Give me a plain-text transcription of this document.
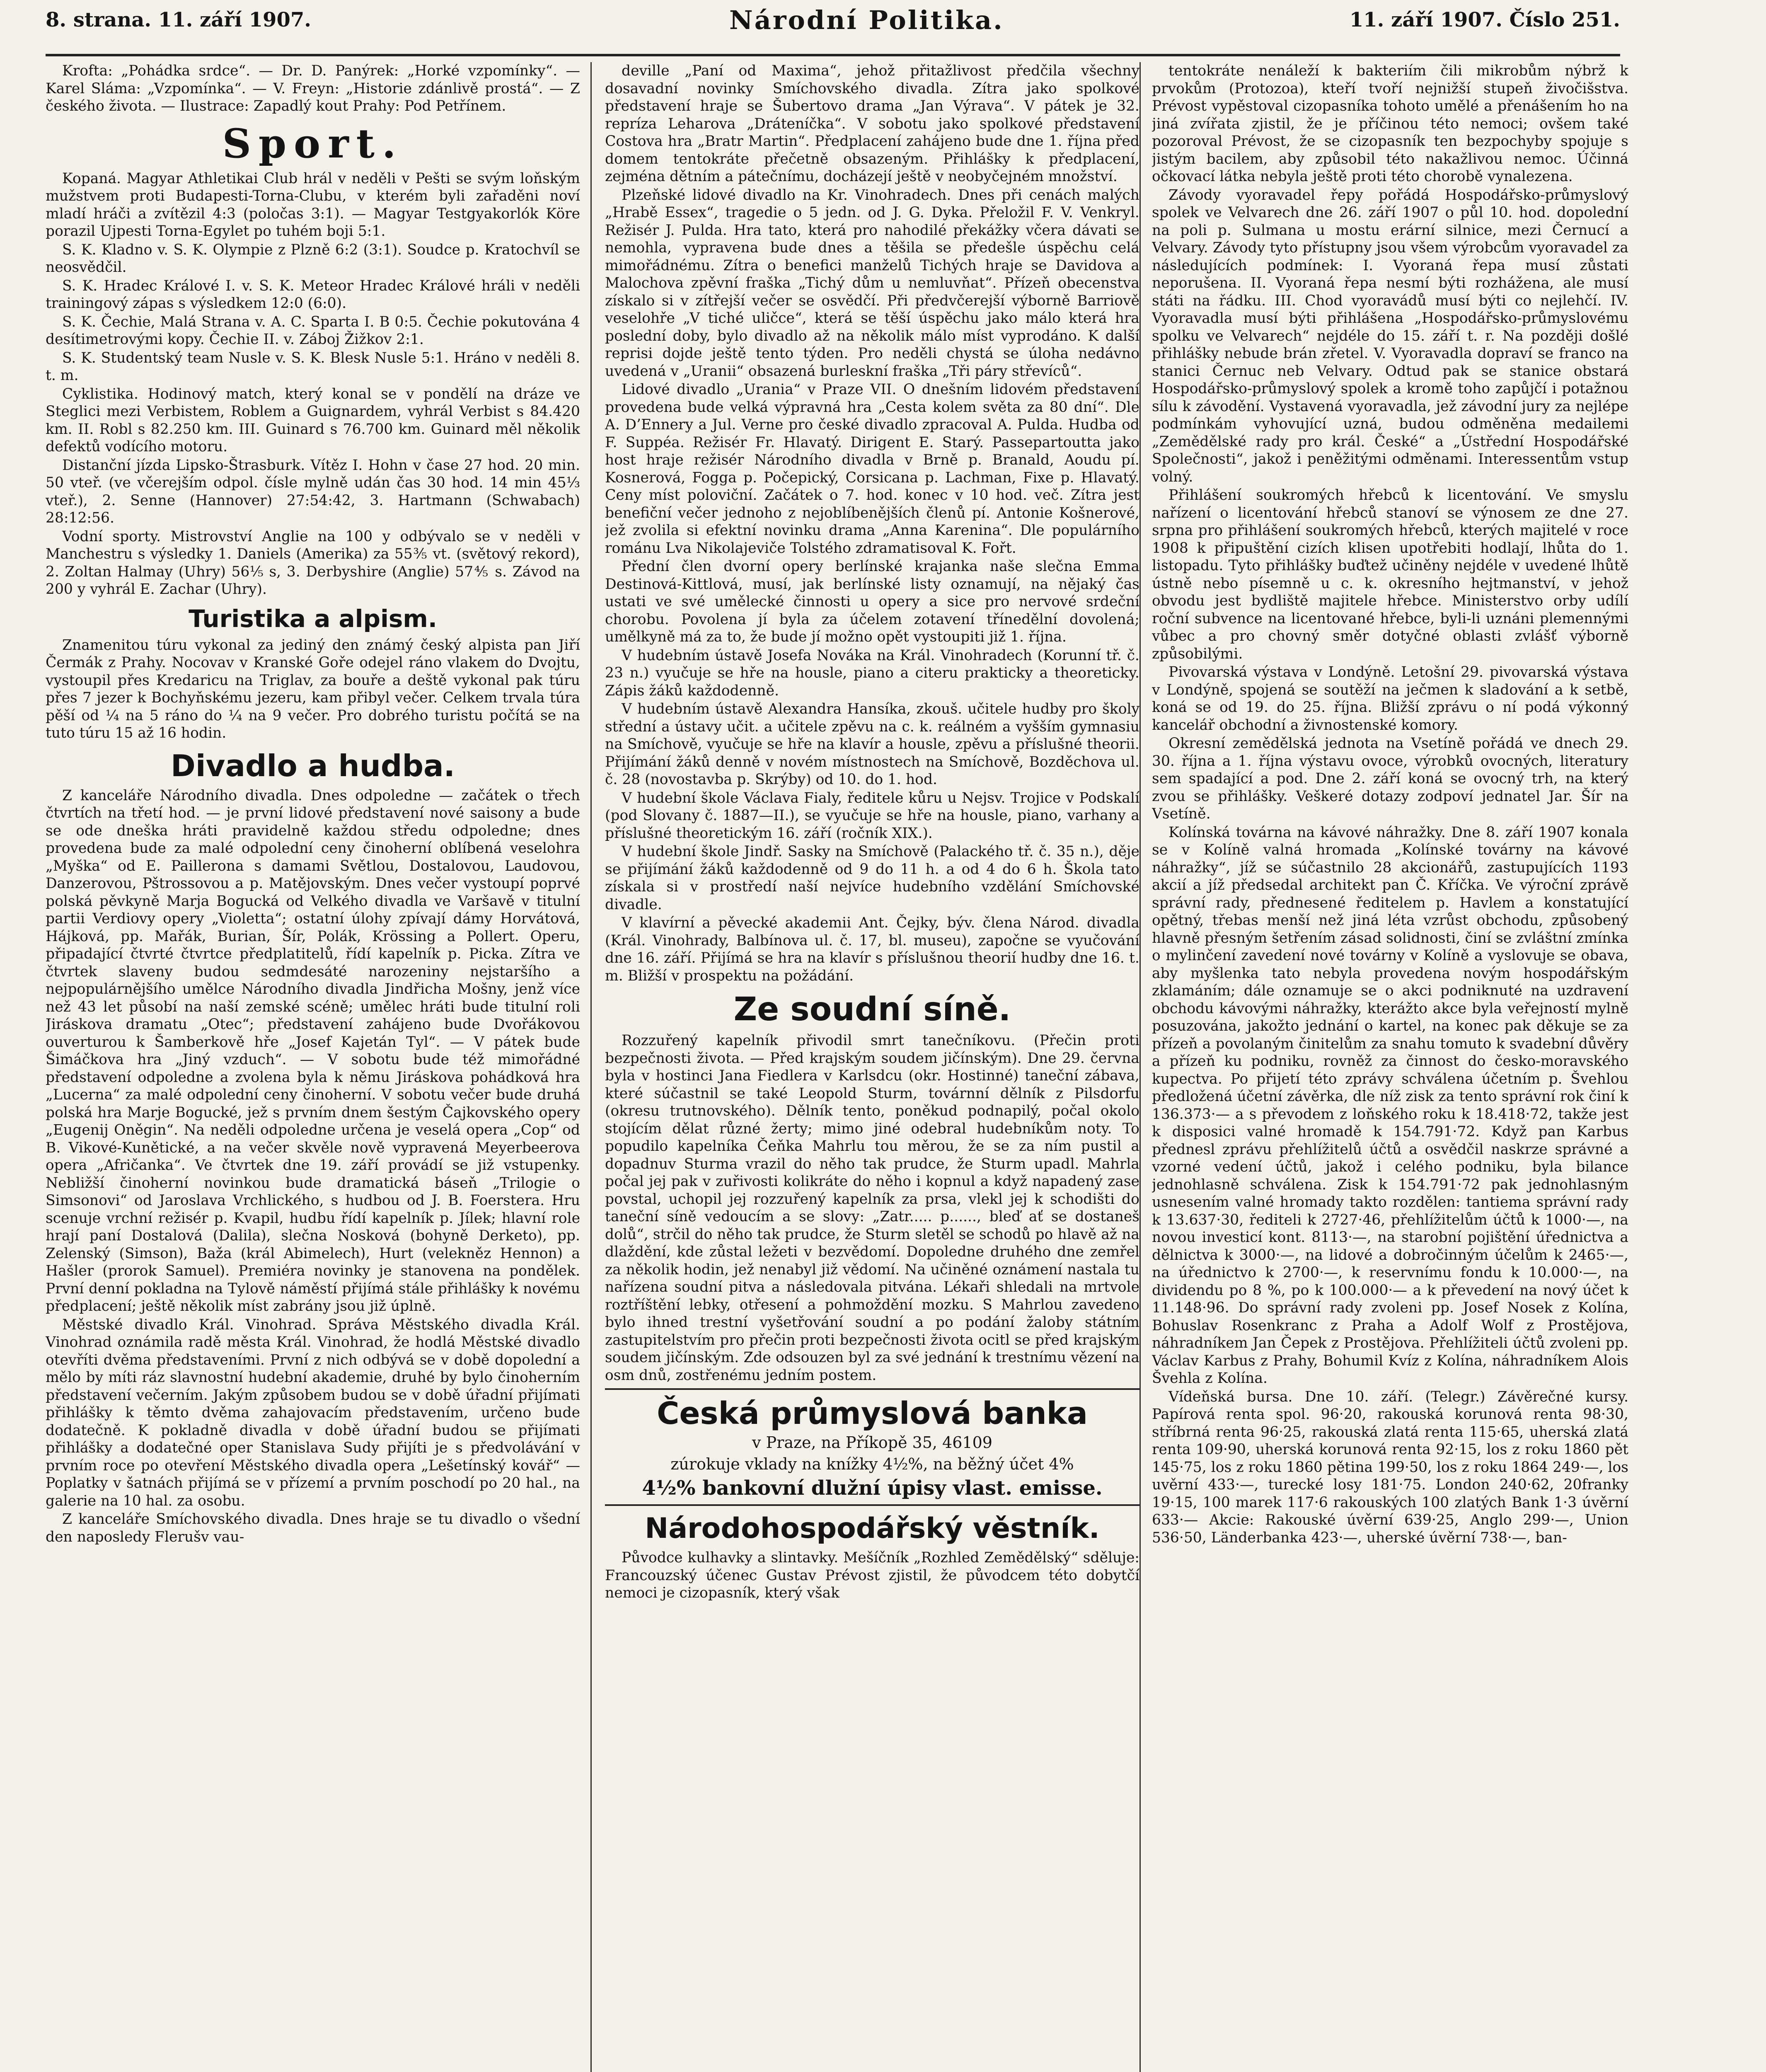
8. strana. 11. září 1907.	Národní Politika.	11. září 1907. Číslo 251.

Krofta: „Pohádka srdce“. — Dr. D. Panýrek: „Horké vzpomínky“. — Karel Sláma: „Vzpomínka“. — V. Freyn: „Historie zdánlivě prostá“. — Z českého života. — Ilustrace: Zapadlý kout Prahy: Pod Petřínem.

Sport.

Kopaná. Magyar Athletikai Club hrál v neděli v Pešti se svým loňským mužstvem proti Budapesti-Torna-Clubu, v kterém byli zařaděni noví mladí hráči a zvítězil 4:3 (poločas 3:1). — Magyar Testgyakorlók Köre porazil Ujpesti Torna-Egylet po tuhém boji 5:1.

S. K. Kladno v. S. K. Olympie z Plzně 6:2 (3:1). Soudce p. Kratochvíl se neosvědčil.

S. K. Hradec Králové I. v. S. K. Meteor Hradec Králové hráli v neděli trainingový zápas s výsledkem 12:0 (6:0).

S. K. Čechie, Malá Strana v. A. C. Sparta I. B 0:5. Čechie pokutována 4 desítimetrovými kopy. Čechie II. v. Záboj Žižkov 2:1.

S. K. Studentský team Nusle v. S. K. Blesk Nusle 5:1. Hráno v neděli 8. t. m.

Cyklistika. Hodinový match, který konal se v pondělí na dráze ve Steglici mezi Verbistem, Roblem a Guignardem, vyhrál Verbist s 84.420 km. II. Robl s 82.250 km. III. Guinard s 76.700 km. Guinard měl několik defektů vodícího motoru.

Distanční jízda Lipsko-Štrasburk. Vítěz I. Hohn v čase 27 hod. 20 min. 50 vteř. (ve včerejším odpol. čísle mylně udán čas 30 hod. 14 min 45⅓ vteř.), 2. Senne (Hannover) 27:54:42, 3. Hartmann (Schwabach) 28:12:56.

Vodní sporty. Mistrovství Anglie na 100 y odbývalo se v neděli v Manchestru s výsledky 1. Daniels (Amerika) za 55⅗ vt. (světový rekord), 2. Zoltan Halmay (Uhry) 56⅕ s, 3. Derbyshire (Anglie) 57⅘ s. Závod na 200 y vyhrál E. Zachar (Uhry).

Turistika a alpism.

Znamenitou túru vykonal za jediný den známý český alpista pan Jiří Čermák z Prahy. Nocovav v Kranské Goře odejel ráno vlakem do Dvojtu, vystoupil přes Kredaricu na Triglav, za bouře a deště vykonal pak túru přes 7 jezer k Bochyňskému jezeru, kam přibyl večer. Celkem trvala túra pěší od ¼ na 5 ráno do ¼ na 9 večer. Pro dobrého turistu počítá se na tuto túru 15 až 16 hodin.

Divadlo a hudba.

Z kanceláře Národního divadla. Dnes odpoledne — začátek o třech čtvrtích na třetí hod. — je první lidové představení nové saisony a bude se ode dneška hráti pravidelně každou středu odpoledne; dnes provedena bude za malé odpolední ceny činoherní oblíbená veselohra „Myška“ od E. Paillerona s damami Světlou, Dostalovou, Laudovou, Danzerovou, Pštrossovou a p. Matějovským. Dnes večer vystoupí poprvé polská pěvkyně Marja Bogucká od Velkého divadla ve Varšavě v titulní partii Verdiovy opery „Violetta“; ostatní úlohy zpívají dámy Horvátová, Hájková, pp. Mařák, Burian, Šír, Polák, Krössing a Pollert. Operu, připadající čtvrté čtvrtce předplatitelů, řídí kapelník p. Picka. Zítra ve čtvrtek slaveny budou sedmdesáté narozeniny nejstaršího a nejpopulárnějšího umělce Národního divadla Jindřicha Mošny, jenž více než 43 let působí na naší zemské scéně; umělec hráti bude titulní roli Jiráskova dramatu „Otec“; představení zahájeno bude Dvořákovou ouverturou k Šamberkově hře „Josef Kajetán Tyl“. — V pátek bude Šimáčkova hra „Jiný vzduch“. — V sobotu bude též mimořádné představení odpoledne a zvolena byla k němu Jiráskova pohádková hra „Lucerna“ za malé odpolední ceny činoherní. V sobotu večer bude druhá polská hra Marje Bogucké, jež s prvním dnem šestým Čajkovského opery „Eugenij Oněgin“. Na neděli odpoledne určena je veselá opera „Cop“ od B. Vikové-Kunětické, a na večer skvěle nově vypravená Meyerbeerova opera „Afričanka“. Ve čtvrtek dne 19. září provádí se již vstupenky. Nebližší činoherní novinkou bude dramatická báseň „Trilogie o Simsonovi“ od Jaroslava Vrchlického, s hudbou od J. B. Foerstera. Hru scenuje vrchní režisér p. Kvapil, hudbu řídí kapelník p. Jílek; hlavní role hrají paní Dostalová (Dalila), slečna Nosková (bohyně Derketo), pp. Zelenský (Simson), Baža (král Abimelech), Hurt (velekněz Hennon) a Hašler (prorok Samuel). Premiéra novinky je stanovena na pondělek. První denní pokladna na Tylově náměstí přijímá stále přihlášky k novému předplacení; ještě několik míst zabrány jsou již úplně.

Městské divadlo Král. Vinohrad. Správa Městského divadla Král. Vinohrad oznámila radě města Král. Vinohrad, že hodlá Městské divadlo otevříti dvěma představeními. První z nich odbývá se v době dopolední a mělo by míti ráz slavnostní hudební akademie, druhé by bylo činoherním představení večerním. Jakým způsobem budou se v době úřadní přijímati přihlášky k těmto dvěma zahajovacím představením, určeno bude dodatečně. K pokladně divadla v době úřadní budou se přijímati přihlášky a dodatečné oper Stanislava Sudy přijíti je s předvolávání v prvním roce po otevření Městského divadla opera „Lešetínský kovář“ — Poplatky v šatnách přijímá se v přízemí a prvním poschodí po 20 hal., na galerie na 10 hal. za osobu.

Z kanceláře Smíchovského divadla. Dnes hraje se tu divadlo o všední den naposledy Flerušv vau-

deville „Paní od Maxima“, jehož přitažlivost předčila všechny dosavadní novinky Smíchovského divadla. Zítra jako spolkové představení hraje se Šubertovo drama „Jan Výrava“. V pátek je 32. repríza Leharova „Dráteníčka“. V sobotu jako spolkové představení Costova hra „Bratr Martin“. Předplacení zahájeno bude dne 1. října před domem tentokráte přečetně obsazeným. Přihlášky k předplacení, zejména dětním a pátečnímu, docházejí ještě v neobyčejném množství.

Plzeňské lidové divadlo na Kr. Vinohradech. Dnes při cenách malých „Hrabě Essex“, tragedie o 5 jedn. od J. G. Dyka. Přeložil F. V. Venkryl. Režisér J. Pulda. Hra tato, která pro nahodilé překážky včera dávati se nemohla, vypravena bude dnes a těšila se předešle úspěchu celá mimořádnému. Zítra o benefici manželů Tichých hraje se Davidova a Malochova zpěvní fraška „Tichý dům u nemluvňat“. Přízeň obecenstva získalo si v zítřejší večer se osvědčí. Při předvčerejší výborně Barriově veselohře „V tiché uličce“, která se těší úspěchu jako málo která hra poslední doby, bylo divadlo až na několik málo míst vyprodáno. K další reprisi dojde ještě tento týden. Pro neděli chystá se úloha nedávno uvedená v „Uranii“ obsazená burleskní fraška „Tři páry střevíců“.

Lidové divadlo „Urania“ v Praze VII. O dnešním lidovém představení provedena bude velká výpravná hra „Cesta kolem světa za 80 dní“. Dle A. D’Ennery a Jul. Verne pro české divadlo zpracoval A. Pulda. Hudba od F. Suppéa. Režisér Fr. Hlavatý. Dirigent E. Starý. Passepartoutta jako host hraje režisér Národního divadla v Brně p. Branald, Aoudu pí. Kosnerová, Fogga p. Počepický, Corsicana p. Lachman, Fixe p. Hlavatý. Ceny míst poloviční. Začátek o 7. hod. konec v 10 hod. več. Zítra jest benefiční večer jednoho z nejoblíbenějších členů pí. Antonie Košnerové, jež zvolila si efektní novinku drama „Anna Karenina“. Dle populárního románu Lva Nikolajeviče Tolstého zdramatisoval K. Fořt.

Přední člen dvorní opery berlínské krajanka naše slečna Emma Destinová-Kittlová, musí, jak berlínské listy oznamují, na nějaký čas ustati ve své umělecké činnosti u opery a sice pro nervové srdeční chorobu. Povolena jí byla za účelem zotavení třínedělní dovolená; umělkyně má za to, že bude jí možno opět vystoupiti již 1. října.

V hudebním ústavě Josefa Nováka na Král. Vinohradech (Korunní tř. č. 23 n.) vyučuje se hře na housle, piano a citeru prakticky a theoreticky. Zápis žáků každodenně.

V hudebním ústavě Alexandra Hansíka, zkouš. učitele hudby pro školy střední a ústavy učit. a učitele zpěvu na c. k. reálném a vyšším gymnasiu na Smíchově, vyučuje se hře na klavír a housle, zpěvu a příslušné theorii. Přijímání žáků denně v novém místnostech na Smíchově, Bozděchova ul. č. 28 (novostavba p. Skrýby) od 10. do 1. hod.

V hudební škole Václava Fialy, ředitele kůru u Nejsv. Trojice v Podskalí (pod Slovany č. 1887—II.), se vyučuje se hře na housle, piano, varhany a příslušné theoretickým 16. září (ročník XIX.).

V hudební škole Jindř. Sasky na Smíchově (Palackého tř. č. 35 n.), děje se přijímání žáků každodenně od 9 do 11 h. a od 4 do 6 h. Škola tato získala si v prostředí naší nejvíce hudebního vzdělání Smíchovské divadle.

V klavírní a pěvecké akademii Ant. Čejky, býv. člena Národ. divadla (Král. Vinohrady, Balbínova ul. č. 17, bl. museu), započne se vyučování dne 16. září. Přijímá se hra na klavír s příslušnou theorií hudby dne 16. t. m. Bližší v prospektu na požádání.

Ze soudní síně.

Rozzuřený kapelník přivodil smrt tanečníkovu. (Přečin proti bezpečnosti života. — Před krajským soudem jičínským). Dne 29. června byla v hostinci Jana Fiedlera v Karlsdcu (okr. Hostinné) taneční zábava, které súčastnil se také Leopold Sturm, továrnní dělník z Pilsdorfu (okresu trutnovského). Dělník tento, poněkud podnapilý, počal okolo stojícím dělat různé žerty; mimo jiné odebral hudebníkům noty. To popudilo kapelníka Čeňka Mahrlu tou měrou, že se za ním pustil a dopadnuv Sturma vrazil do něho tak prudce, že Sturm upadl. Mahrla počal jej pak v zuřivosti kolikráte do něho i kopnul a když napadený zase povstal, uchopil jej rozzuřený kapelník za prsa, vlekl jej k schodišti do taneční síně vedoucím a se slovy: „Zatr..... p......, bleď ať se dostaneš dolů“, strčil do něho tak prudce, že Sturm sletěl se schodů po hlavě až na dlaždění, kde zůstal ležeti v bezvědomí. Dopoledne druhého dne zemřel za několik hodin, jež nenabyl již vědomí. Na učiněné oznámení nastala tu nařízena soudní pitva a následovala pitvána. Lékaři shledali na mrtvole roztříštění lebky, otřesení a pohmoždění mozku. S Mahrlou zavedeno bylo ihned trestní vyšetřování soudní a po podání žaloby státním zastupitelstvím pro přečin proti bezpečnosti života ocitl se před krajským soudem jičínským. Zde odsouzen byl za své jednání k trestnímu vězení na osm dnů, zostřenému jedním postem.

Česká průmyslová banka

v Praze, na Příkopě 35, 46109

zúrokuje vklady na knížky 4½%, na běžný účet 4%

4½% bankovní dlužní úpisy vlast. emisse.

Národohospodářský věstník.

Původce kulhavky a slintavky. Mešíčník „Rozhled Zemědělský“ sděluje: Francouzský účenec Gustav Prévost zjistil, že původcem této dobytčí nemoci je cizopasník, který však

tentokráte nenáleží k bakteriím čili mikrobům nýbrž k prvokům (Protozoa), kteří tvoří nejnižší stupeň živočišstva. Prévost vypěstoval cizopasníka tohoto umělé a přenášením ho na jiná zvířata zjistil, že je příčinou této nemoci; ovšem také pozoroval Prévost, že se cizopasník ten bezpochyby spojuje s jistým bacilem, aby způsobil této nakažlivou nemoc. Účinná očkovací látka nebyla ještě proti této chorobě vynalezena.

Závody vyoravadel řepy pořádá Hospodářsko-průmyslový spolek ve Velvarech dne 26. září 1907 o půl 10. hod. dopolední na poli p. Sulmana u mostu erární silnice, mezi Černucí a Velvary. Závody tyto přístupny jsou všem výrobcům vyoravadel za následujících podmínek: I. Vyoraná řepa musí zůstati neporušena. II. Vyoraná řepa nesmí býti rozhážena, ale musí státi na řádku. III. Chod vyoravádů musí býti co nejlehčí. IV. Vyoravadla musí býti přihlášena „Hospodářsko-průmyslovému spolku ve Velvarech“ nejdéle do 15. září t. r. Na později došlé přihlášky nebude brán zřetel. V. Vyoravadla dopraví se franco na stanici Černuc neb Velvary. Odtud pak se stanice obstará Hospodářsko-průmyslový spolek a kromě toho zapůjčí i potažnou sílu k závodění. Vystavená vyoravadla, jež závodní jury za nejlépe podmínkám vyhovující uzná, budou odměněna medailemi „Zemědělské rady pro král. České“ a „Ústřední Hospodářské Společnosti“, jakož i peněžitými odměnami. Interessentům vstup volný.

Přihlášení soukromých hřebců k licentování. Ve smyslu nařízení o licentování hřebců stanoví se výnosem ze dne 27. srpna pro přihlášení soukromých hřebců, kterých majitelé v roce 1908 k připuštění cizích klisen upotřebiti hodlají, lhůta do 1. listopadu. Tyto přihlášky buďtež učiněny nejdéle v uvedené lhůtě ústně nebo písemně u c. k. okresního hejtmanství, v jehož obvodu jest bydliště majitele hřebce. Ministerstvo orby udílí roční subvence na licentované hřebce, byli-li uznáni plemennými vůbec a pro chovný směr dotyčné oblasti zvlášť výborně způsobilými.

Pivovarská výstava v Londýně. Letošní 29. pivovarská výstava v Londýně, spojená se soutěží na ječmen k sladování a k setbě, koná se od 19. do 25. října. Bližší zprávu o ní podá výkonný kancelář obchodní a živnostenské komory.

Okresní zemědělská jednota na Vsetíně pořádá ve dnech 29. 30. října a 1. října výstavu ovoce, výrobků ovocných, literatury sem spadající a pod. Dne 2. září koná se ovocný trh, na který zvou se přihlášky. Veškeré dotazy zodpoví jednatel Jar. Šír na Vsetíně.

Kolínská továrna na kávové náhražky. Dne 8. září 1907 konala se v Kolíně valná hromada „Kolínské továrny na kávové náhražky“, jíž se súčastnilo 28 akcionářů, zastupujících 1193 akcií a jíž předsedal architekt pan Č. Kříčka. Ve výroční zprávě správní rady, přednesené ředitelem p. Havlem a konstatující opětný, třebas menší než jiná léta vzrůst obchodu, způsobený hlavně přesným šetřením zásad solidnosti, činí se zvláštní zmínka o mylinčení zavedení nové továrny v Kolíně a vyslovuje se obava, aby myšlenka tato nebyla provedena novým hospodářským zklamáním; dále oznamuje se o akci podniknuté na uzdravení obchodu kávovými náhražky, kterážto akce byla veřejností mylně posuzována, jakožto jednání o kartel, na konec pak děkuje se za přízeň a povolaným činitelům za snahu tomuto k svadební důvěry a přízeň ku podniku, rovněž za činnost do česko-moravského kupectva. Po přijetí této zprávy schválena účetním p. Švehlou předložená účetní závěrka, dle níž zisk za tento správní rok činí k 136.373·— a s převodem z loňského roku k 18.418·72, takže jest k disposici valné hromadě k 154.791·72. Když pan Karbus přednesl zprávu přehlížitelů účtů a osvědčil naskrze správné a vzorné vedení účtů, jakož i celého podniku, byla bilance jednohlasně schválena. Zisk k 154.791·72 pak jednohlasným usnesením valné hromady takto rozdělen: tantiema správní rady k 13.637·30, řediteli k 2727·46, přehlížitelům účtů k 1000·—, na novou investicí kont. 8113·—, na starobní pojištění úřednictva a dělnictva k 3000·—, na lidové a dobročinným účelům k 2465·—, na úřednictvo k 2700·—, k reservnímu fondu k 10.000·—, na dividendu po 8 %, po k 100.000·— a k převedení na nový účet k 11.148·96. Do správní rady zvoleni pp. Josef Nosek z Kolína, Bohuslav Rosenkranc z Praha a Adolf Wolf z Prostějova, náhradníkem Jan Čepek z Prostějova. Přehlížiteli účtů zvoleni pp. Václav Karbus z Prahy, Bohumil Kvíz z Kolína, náhradníkem Alois Švehla z Kolína.

Vídeňská bursa. Dne 10. září. (Telegr.) Závěrečné kursy. Papírová renta spol. 96·20, rakouská korunová renta 98·30, stříbrná renta 96·25, rakouská zlatá renta 115·65, uherská zlatá renta 109·90, uherská korunová renta 92·15, los z roku 1860 pět 145·75, los z roku 1860 pětina 199·50, los z roku 1864 249·—, los uvěrní 433·—, turecké losy 181·75. London 240·62, 20franky 19·15, 100 marek 117·6 rakouských 100 zlatých Bank 1·3 úvěrní 633·— Akcie: Rakouské úvěrní 639·25, Anglo 299·—, Union 536·50, Länderbanka 423·—, uherské úvěrní 738·—, ban-
